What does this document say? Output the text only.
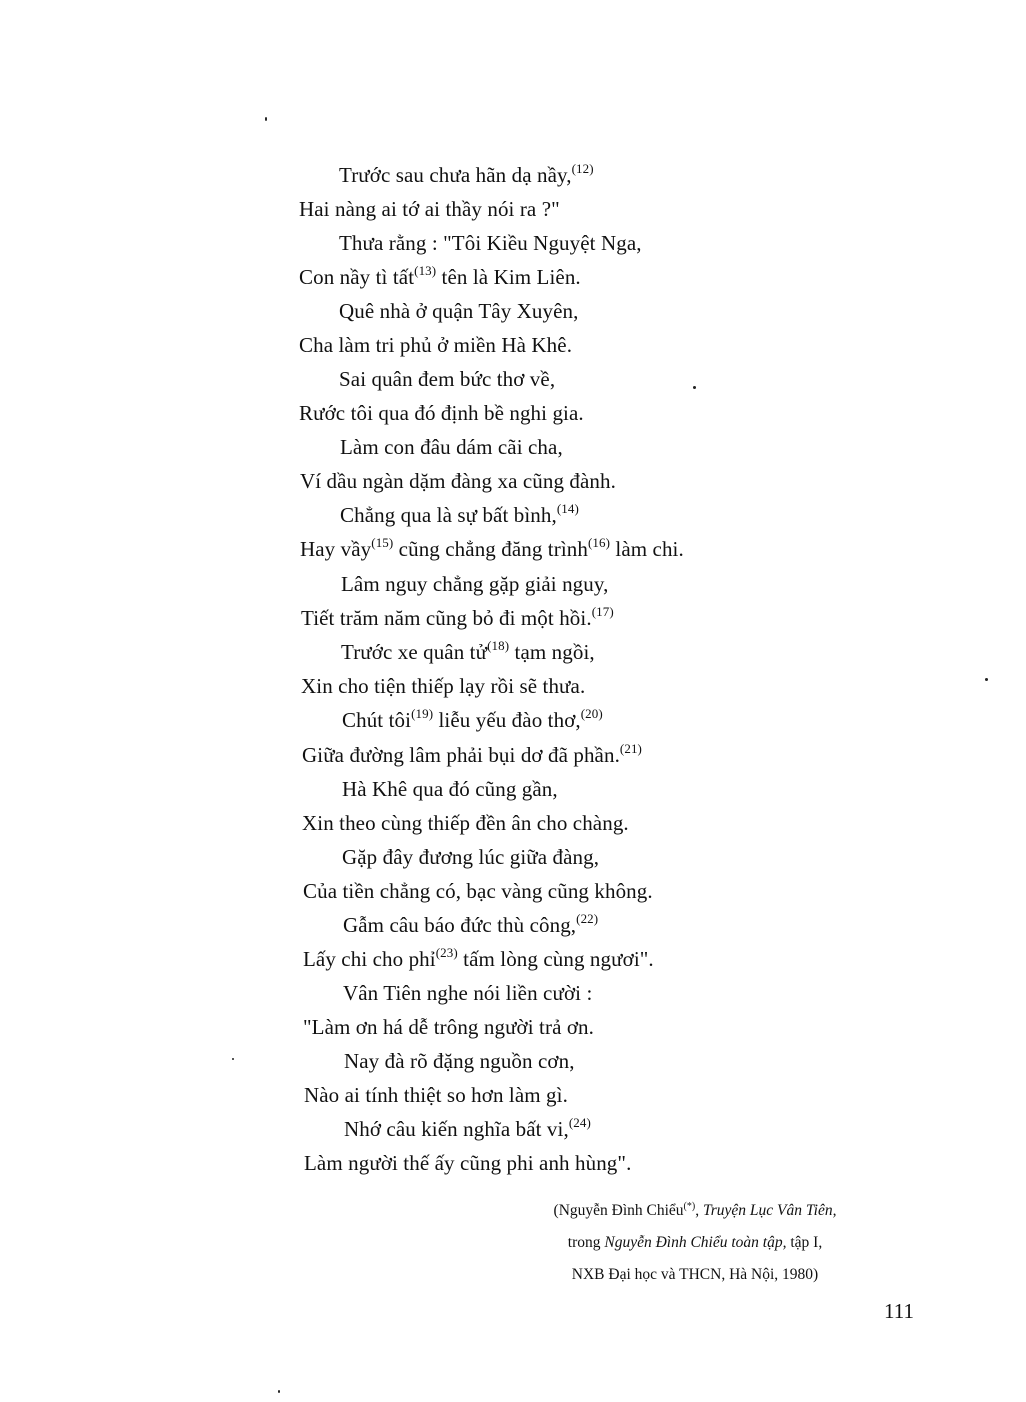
Trước sau chưa hãn dạ nầy,$^{(12)}$
Hai nàng ai tớ ai thầy nói ra ?"
Thưa rằng : "Tôi Kiều Nguyệt Nga,
Con nầy tì tất$^{(13)}$ tên là Kim Liên.
Quê nhà ở quận Tây Xuyên,
Cha làm tri phủ ở miền Hà Khê.
Sai quân đem bức thơ về,
Rước tôi qua đó định bề nghi gia.
Làm con đâu dám cãi cha,
Ví dầu ngàn dặm đàng xa cũng đành.
Chẳng qua là sự bất bình,$^{(14)}$
Hay vầy$^{(15)}$ cũng chẳng đăng trình$^{(16)}$ làm chi.
Lâm nguy chẳng gặp giải nguy,
Tiết trăm năm cũng bỏ đi một hồi.$^{(17)}$
Trước xe quân tử$^{(18)}$ tạm ngồi,
Xin cho tiện thiếp lạy rồi sẽ thưa.
Chút tôi$^{(19)}$ liễu yếu đào thơ,$^{(20)}$
Giữa đường lâm phải bụi dơ đã phần.$^{(21)}$
Hà Khê qua đó cũng gần,
Xin theo cùng thiếp đền ân cho chàng.
Gặp đây đương lúc giữa đàng,
Của tiền chẳng có, bạc vàng cũng không.
Gẫm câu báo đức thù công,$^{(22)}$
Lấy chi cho phỉ$^{(23)}$ tấm lòng cùng ngươi".
Vân Tiên nghe nói liền cười :
"Làm ơn há dễ trông người trả ơn.
Nay đà rõ đặng nguồn cơn,
Nào ai tính thiệt so hơn làm gì.
Nhớ câu kiến nghĩa bất vi,$^{(24)}$
Làm người thế ấy cũng phi anh hùng".
(Nguyễn Đình Chiểu(*), Truyện Lục Vân Tiên,
trong Nguyễn Đình Chiểu toàn tập, tập I,
NXB Đại học và THCN, Hà Nội, 1980)
111
